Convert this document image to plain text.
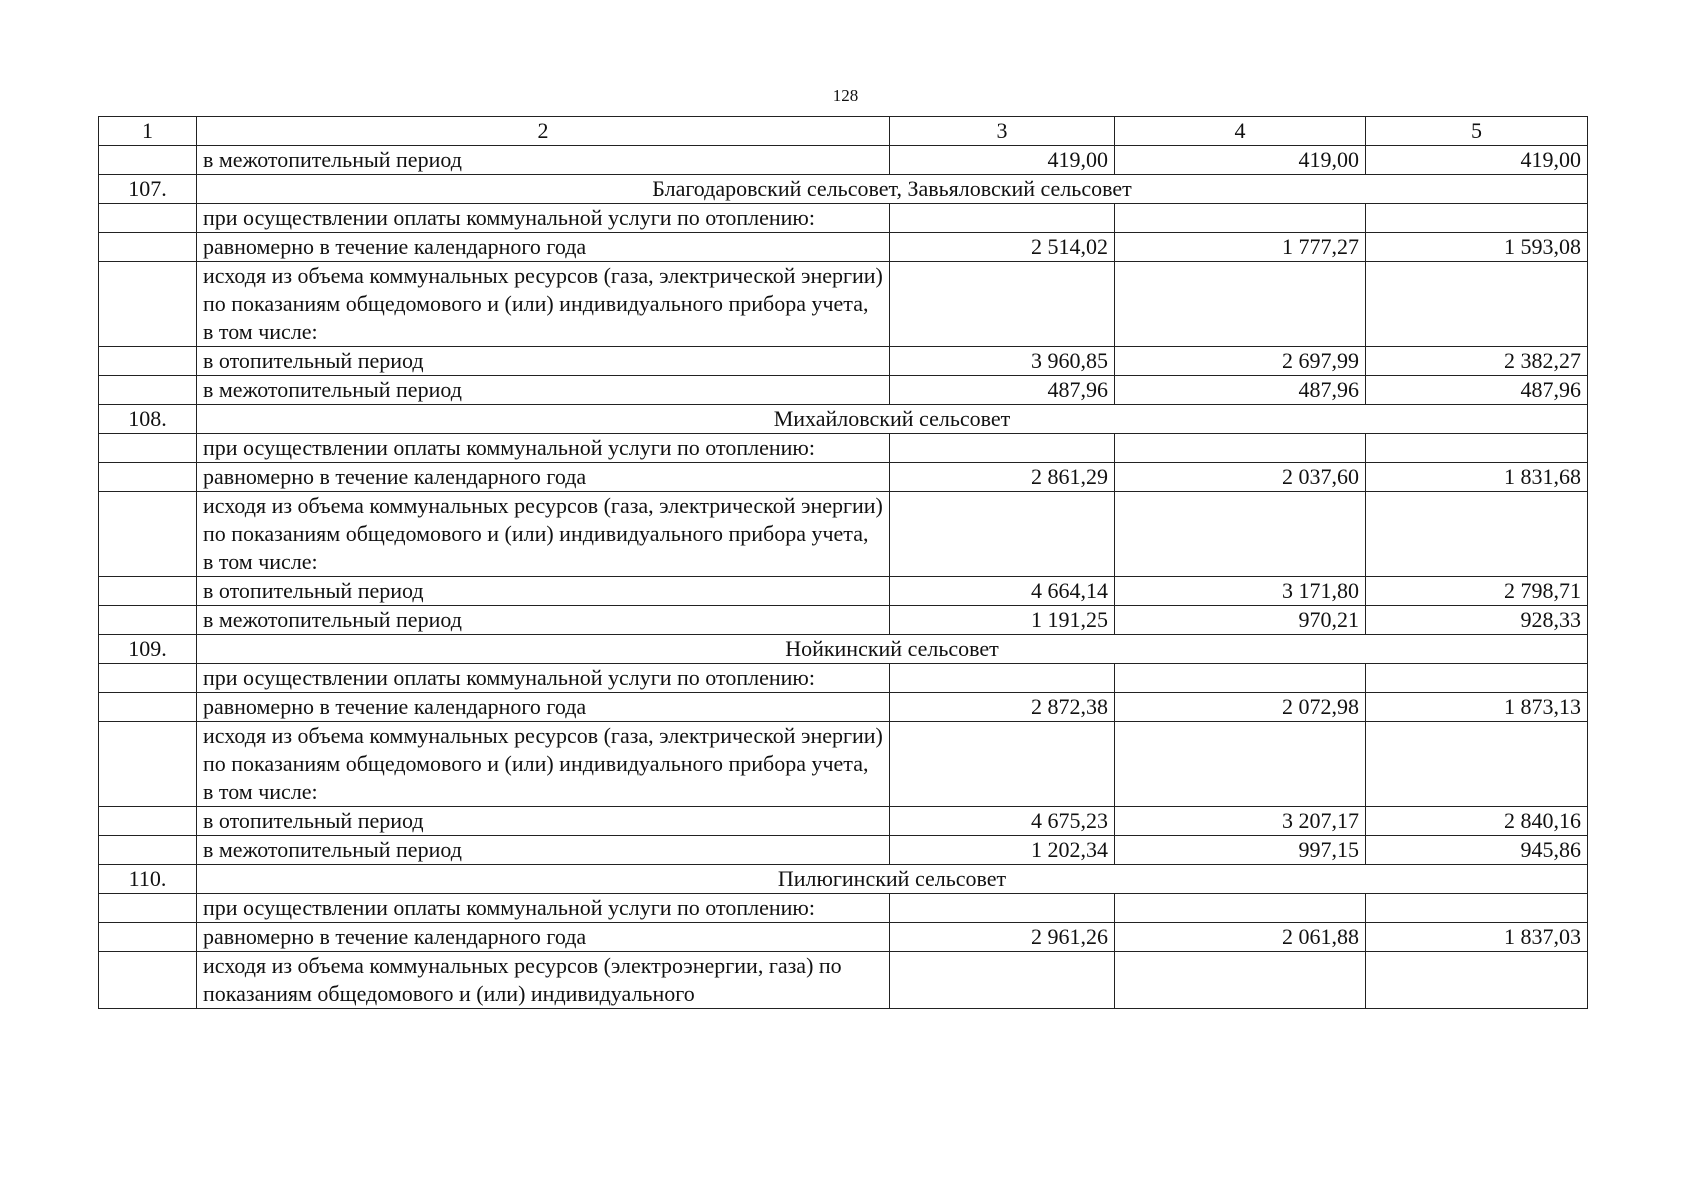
128
1	2	3	4	5
	в межотопительный период	419,00	419,00	419,00
107.	Благодаровский сельсовет, Завьяловский сельсовет			
	при осуществлении оплаты коммунальной услуги по отоплению:			
	равномерно в течение календарного года	2 514,02	1 777,27	1 593,08
	исходя из объема коммунальных ресурсов (газа, электрической энергии) по показаниям общедомового и (или) индивидуального прибора учета, в том числе:			
	в отопительный период	3 960,85	2 697,99	2 382,27
	в межотопительный период	487,96	487,96	487,96
108.	Михайловский сельсовет			
	при осуществлении оплаты коммунальной услуги по отоплению:			
	равномерно в течение календарного года	2 861,29	2 037,60	1 831,68
	исходя из объема коммунальных ресурсов (газа, электрической энергии) по показаниям общедомового и (или) индивидуального прибора учета, в том числе:			
	в отопительный период	4 664,14	3 171,80	2 798,71
	в межотопительный период	1 191,25	970,21	928,33
109.	Нойкинский сельсовет			
	при осуществлении оплаты коммунальной услуги по отоплению:			
	равномерно в течение календарного года	2 872,38	2 072,98	1 873,13
	исходя из объема коммунальных ресурсов (газа, электрической энергии) по показаниям общедомового и (или) индивидуального прибора учета, в том числе:			
	в отопительный период	4 675,23	3 207,17	2 840,16
	в межотопительный период	1 202,34	997,15	945,86
110.	Пилюгинский сельсовет			
	при осуществлении оплаты коммунальной услуги по отоплению:			
	равномерно в течение календарного года	2 961,26	2 061,88	1 837,03
	исходя из объема коммунальных ресурсов (электроэнергии, газа) по показаниям общедомового и (или) индивидуального			
